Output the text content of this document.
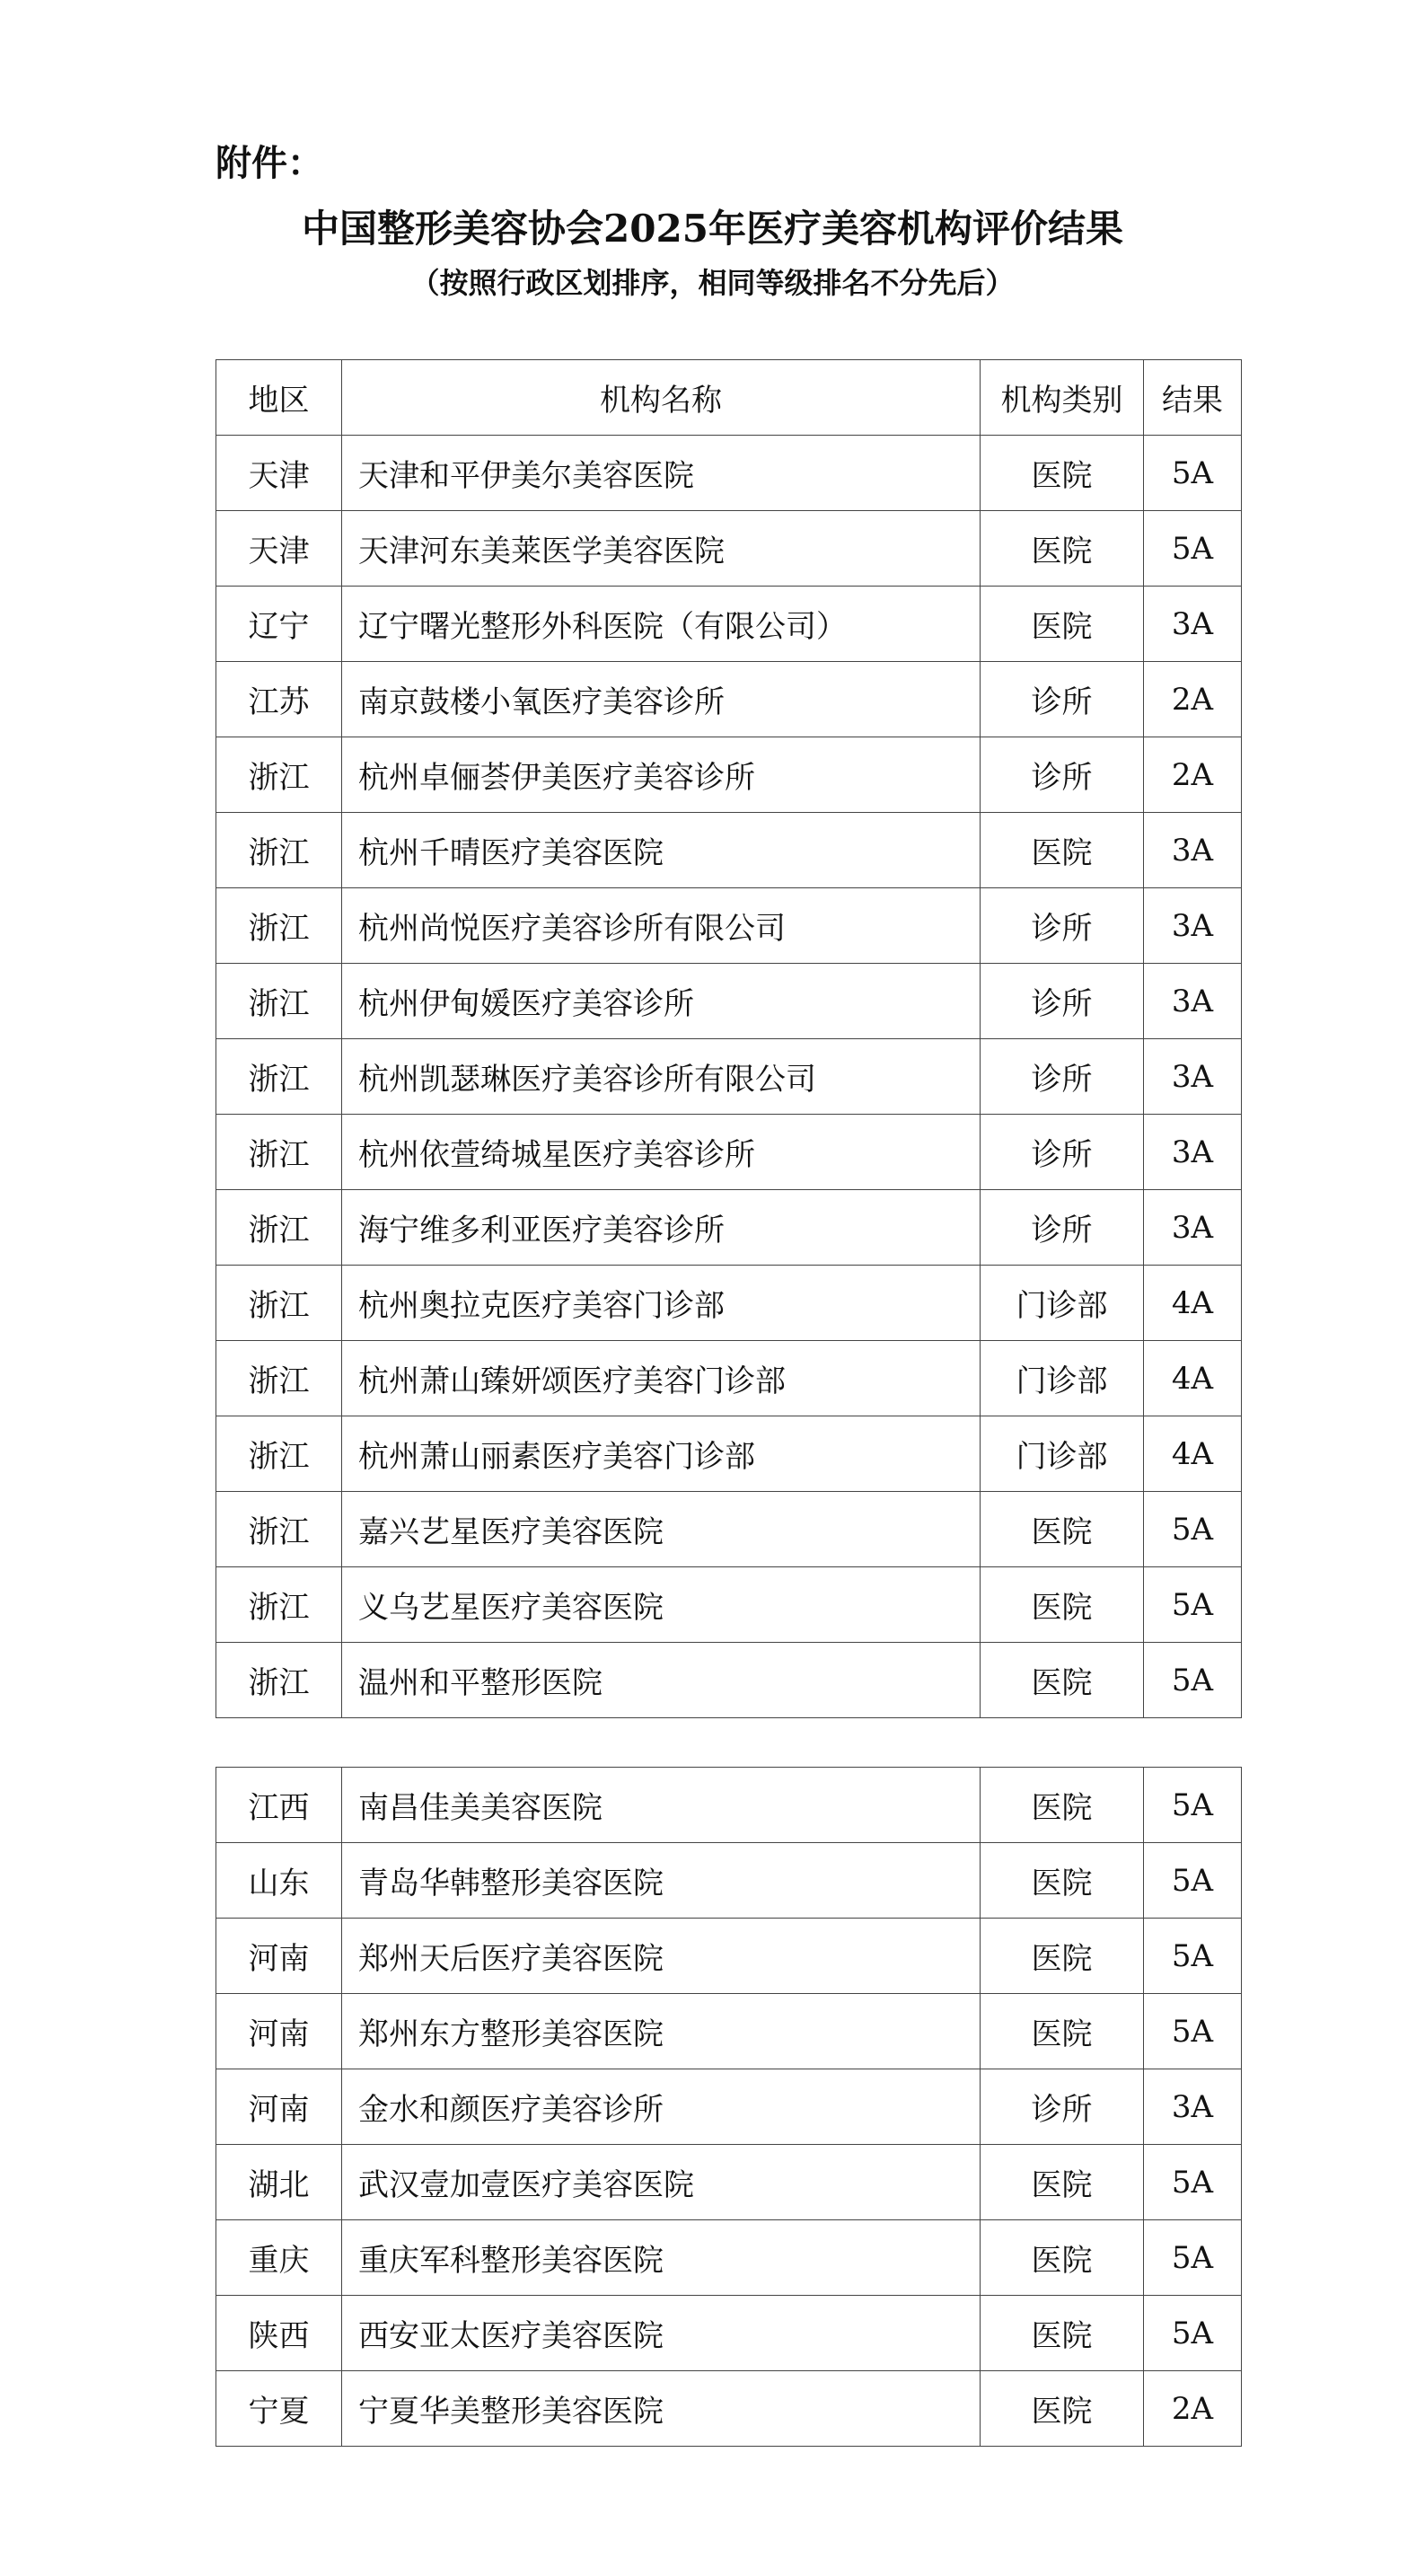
附件：
中国整形美容协会2025年医疗美容机构评价结果
（按照行政区划排序，相同等级排名不分先后）
地区	机构名称	机构类别	结果
天津	天津和平伊美尔美容医院	医院	5A
天津	天津河东美莱医学美容医院	医院	5A
辽宁	辽宁曙光整形外科医院（有限公司）	医院	3A
江苏	南京鼓楼小氧医疗美容诊所	诊所	2A
浙江	杭州卓俪荟伊美医疗美容诊所	诊所	2A
浙江	杭州千晴医疗美容医院	医院	3A
浙江	杭州尚悦医疗美容诊所有限公司	诊所	3A
浙江	杭州伊甸媛医疗美容诊所	诊所	3A
浙江	杭州凯瑟琳医疗美容诊所有限公司	诊所	3A
浙江	杭州依萱绮城星医疗美容诊所	诊所	3A
浙江	海宁维多利亚医疗美容诊所	诊所	3A
浙江	杭州奥拉克医疗美容门诊部	门诊部	4A
浙江	杭州萧山臻妍颂医疗美容门诊部	门诊部	4A
浙江	杭州萧山丽素医疗美容门诊部	门诊部	4A
浙江	嘉兴艺星医疗美容医院	医院	5A
浙江	义乌艺星医疗美容医院	医院	5A
浙江	温州和平整形医院	医院	5A
江西	南昌佳美美容医院	医院	5A
山东	青岛华韩整形美容医院	医院	5A
河南	郑州天后医疗美容医院	医院	5A
河南	郑州东方整形美容医院	医院	5A
河南	金水和颜医疗美容诊所	诊所	3A
湖北	武汉壹加壹医疗美容医院	医院	5A
重庆	重庆军科整形美容医院	医院	5A
陕西	西安亚太医疗美容医院	医院	5A
宁夏	宁夏华美整形美容医院	医院	2A
